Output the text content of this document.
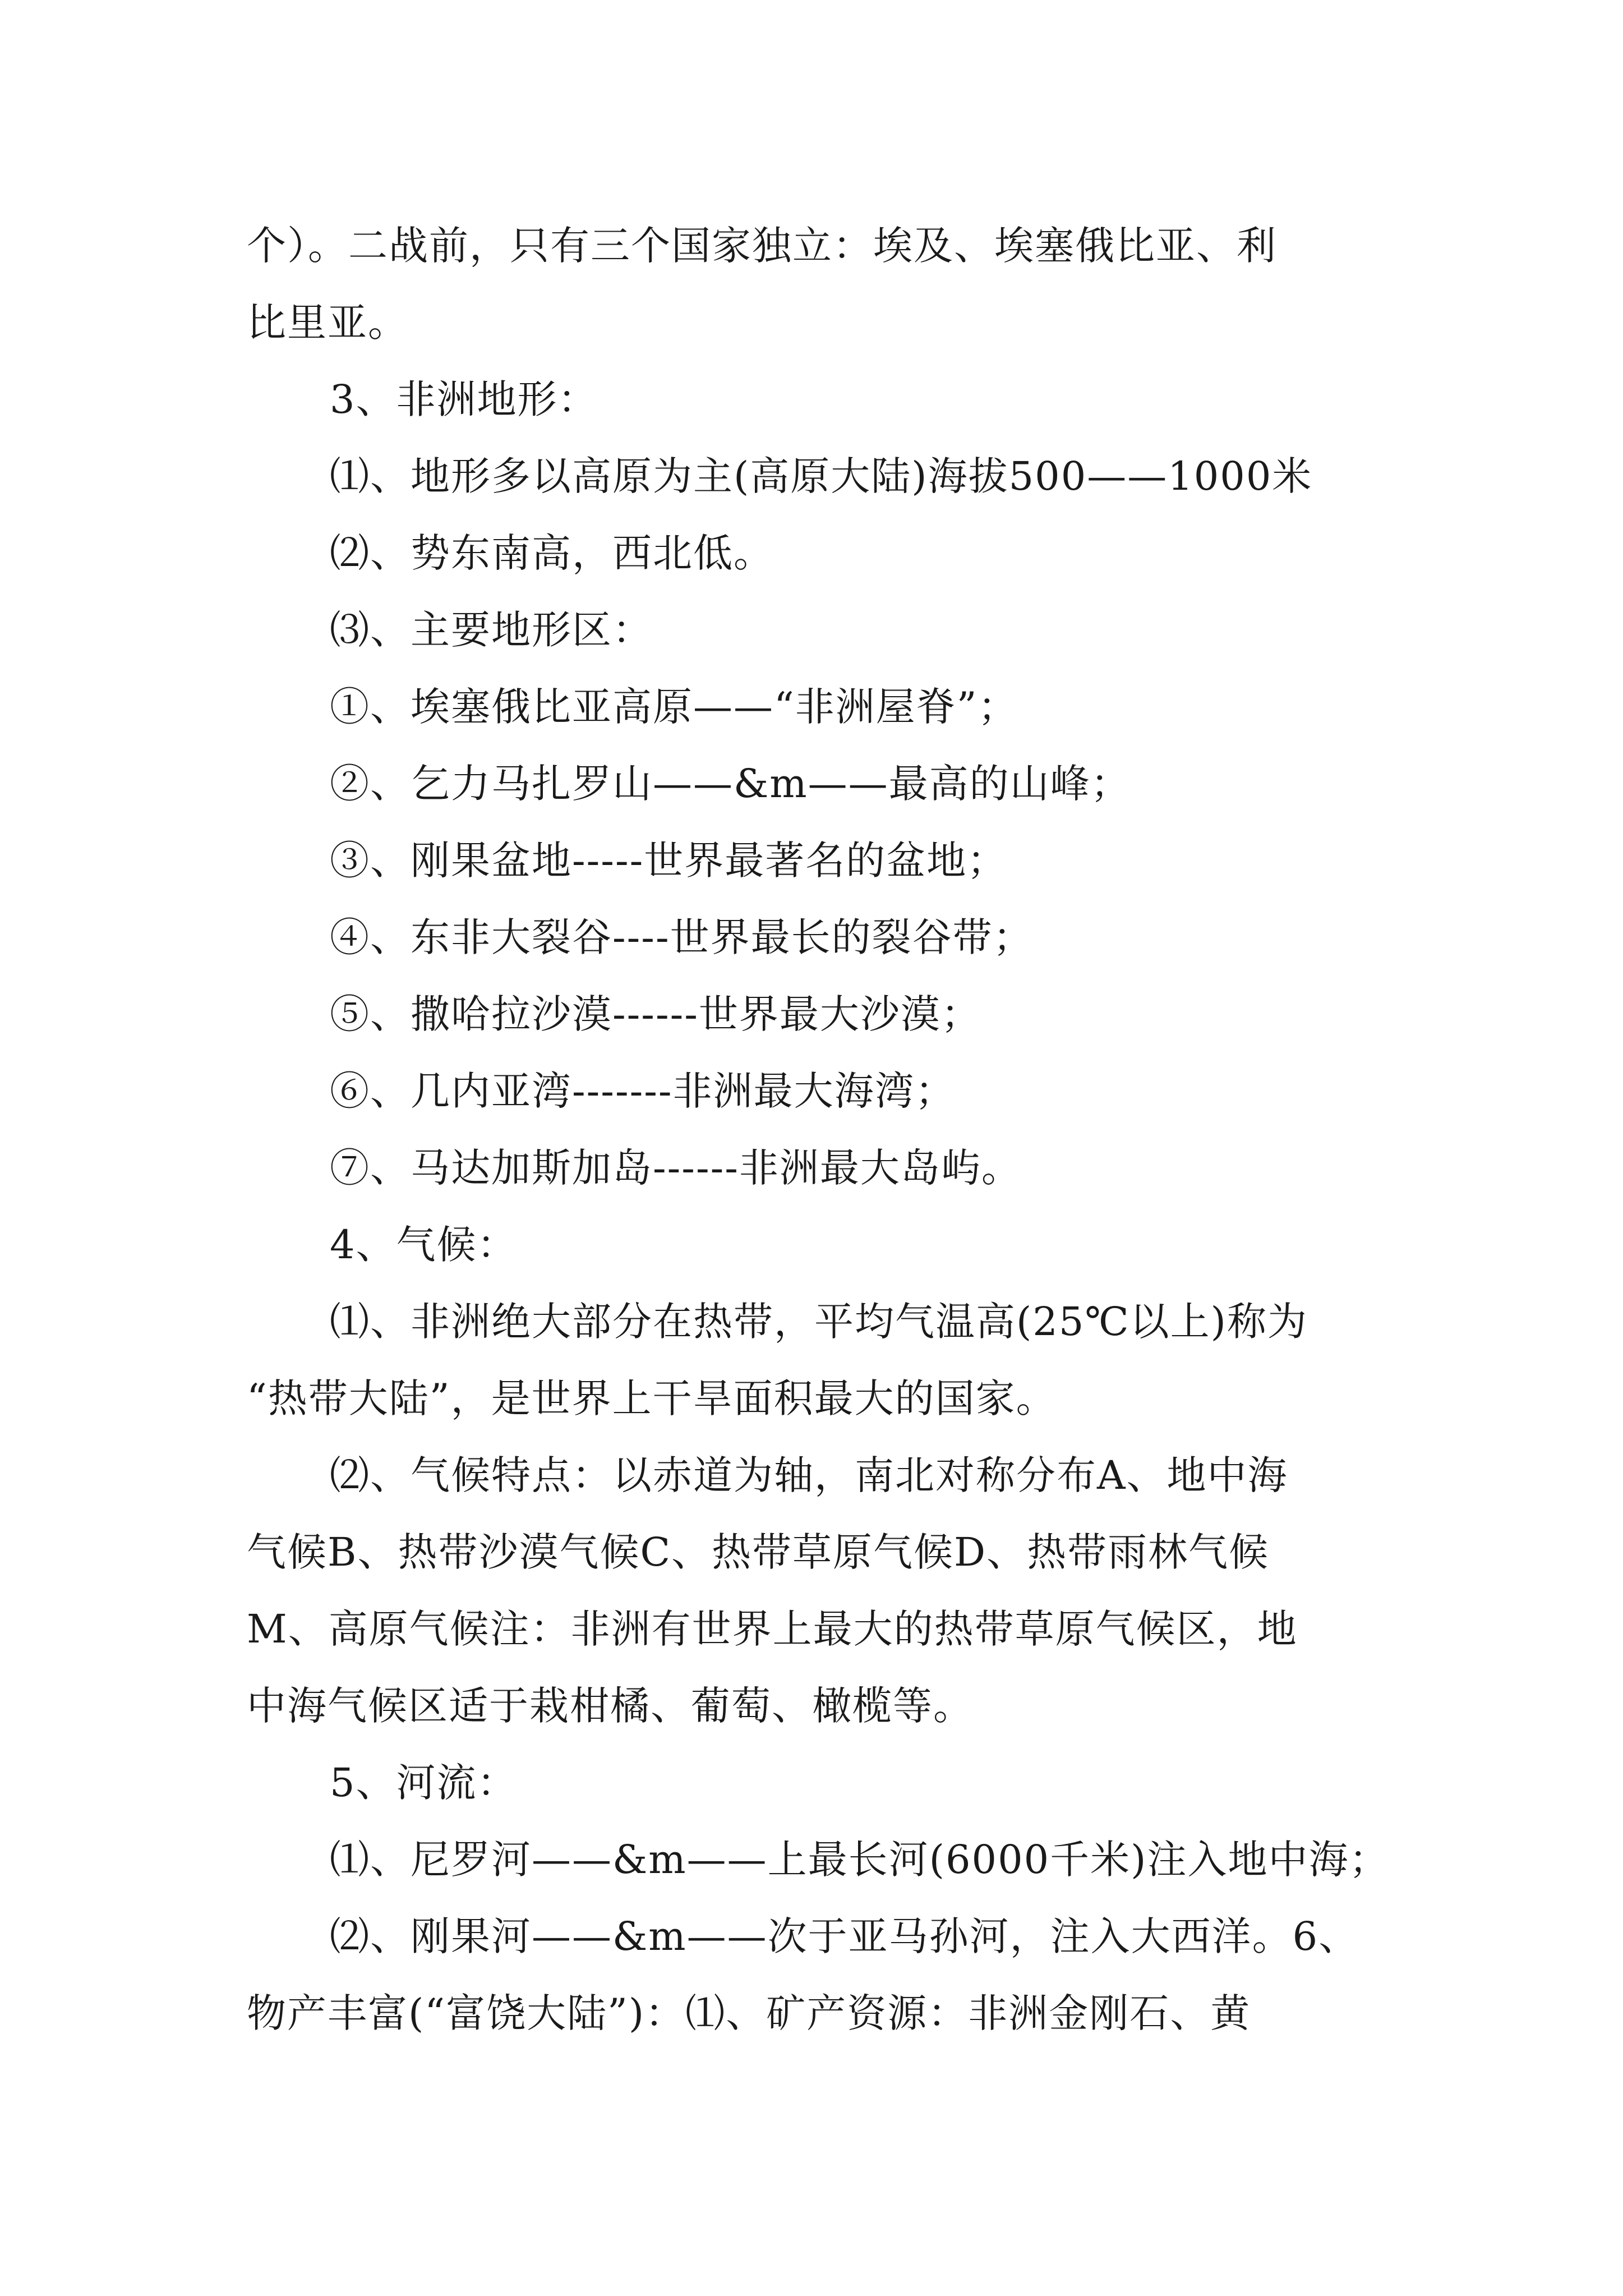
个）。二战前，只有三个国家独立：埃及、埃塞俄比亚、利
比里亚。
3、非洲地形：
⑴、地形多以高原为主(高原大陆)海拔500——1000米
⑵、势东南高，西北低。
⑶、主要地形区：
①、埃塞俄比亚高原——“非洲屋脊”；
②、乞力马扎罗山——&m——最高的山峰；
③、刚果盆地-----世界最著名的盆地；
④、东非大裂谷----世界最长的裂谷带；
⑤、撒哈拉沙漠------世界最大沙漠；
⑥、几内亚湾-------非洲最大海湾；
⑦、马达加斯加岛------非洲最大岛屿。
4、气候：
⑴、非洲绝大部分在热带，平均气温高(25℃以上)称为
“热带大陆”，是世界上干旱面积最大的国家。
⑵、气候特点：以赤道为轴，南北对称分布A、地中海
气候B、热带沙漠气候C、热带草原气候D、热带雨林气候
M、高原气候注：非洲有世界上最大的热带草原气候区，地
中海气候区适于栽柑橘、葡萄、橄榄等。
5、河流：
⑴、尼罗河——&m——上最长河(6000千米)注入地中海；
⑵、刚果河——&m——次于亚马孙河，注入大西洋。6、
物产丰富(“富饶大陆”)：⑴、矿产资源：非洲金刚石、黄
